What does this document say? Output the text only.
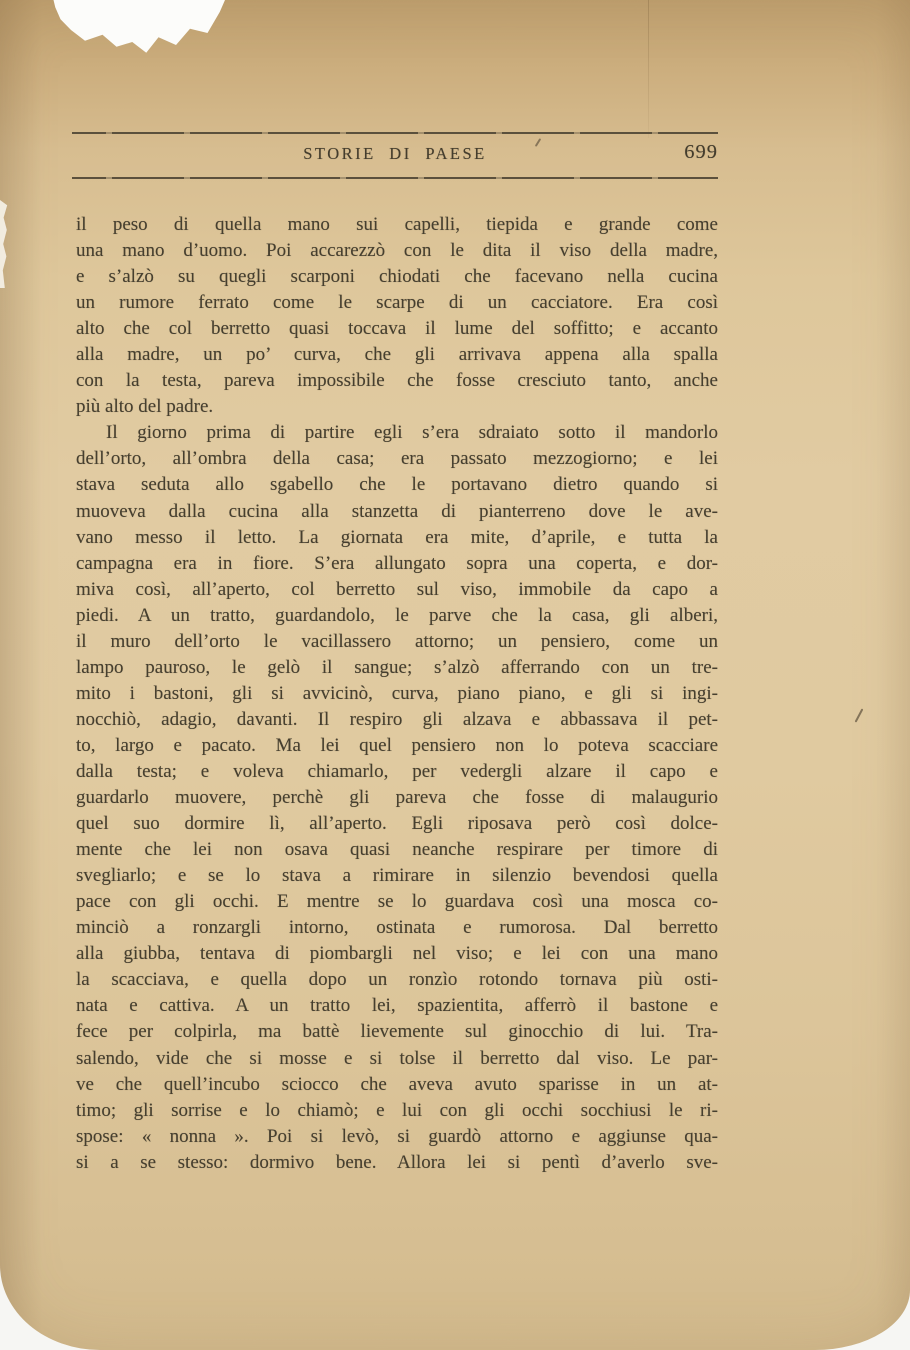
STORIE DI PAESE	699
il peso di quella mano sui capelli, tiepida e grande come
una mano d’uomo. Poi accarezzò con le dita il viso della madre,
e s’alzò su quegli scarponi chiodati che facevano nella cucina
un rumore ferrato come le scarpe di un cacciatore. Era così
alto che col berretto quasi toccava il lume del soffitto; e accanto
alla madre, un po’ curva, che gli arrivava appena alla spalla
con la testa, pareva impossibile che fosse cresciuto tanto, anche
più alto del padre.
Il giorno prima di partire egli s’era sdraiato sotto il mandorlo
dell’orto, all’ombra della casa; era passato mezzogiorno; e lei
stava seduta allo sgabello che le portavano dietro quando si
muoveva dalla cucina alla stanzetta di pianterreno dove le ave-
vano messo il letto. La giornata era mite, d’aprile, e tutta la
campagna era in fiore. S’era allungato sopra una coperta, e dor-
miva così, all’aperto, col berretto sul viso, immobile da capo a
piedi. A un tratto, guardandolo, le parve che la casa, gli alberi,
il muro dell’orto le vacillassero attorno; un pensiero, come un
lampo pauroso, le gelò il sangue; s’alzò afferrando con un tre-
mito i bastoni, gli si avvicinò, curva, piano piano, e gli si ingi-
nocchiò, adagio, davanti. Il respiro gli alzava e abbassava il pet-
to, largo e pacato. Ma lei quel pensiero non lo poteva scacciare
dalla testa; e voleva chiamarlo, per vedergli alzare il capo e
guardarlo muovere, perchè gli pareva che fosse di malaugurio
quel suo dormire lì, all’aperto. Egli riposava però così dolce-
mente che lei non osava quasi neanche respirare per timore di
svegliarlo; e se lo stava a rimirare in silenzio bevendosi quella
pace con gli occhi. E mentre se lo guardava così una mosca co-
minciò a ronzargli intorno, ostinata e rumorosa. Dal berretto
alla giubba, tentava di piombargli nel viso; e lei con una mano
la scacciava, e quella dopo un ronzìo rotondo tornava più osti-
nata e cattiva. A un tratto lei, spazientita, afferrò il bastone e
fece per colpirla, ma battè lievemente sul ginocchio di lui. Tra-
salendo, vide che si mosse e si tolse il berretto dal viso. Le par-
ve che quell’incubo sciocco che aveva avuto sparisse in un at-
timo; gli sorrise e lo chiamò; e lui con gli occhi socchiusi le ri-
spose: « nonna ». Poi si levò, si guardò attorno e aggiunse qua-
si a se stesso: dormivo bene. Allora lei si pentì d’averlo sve-
